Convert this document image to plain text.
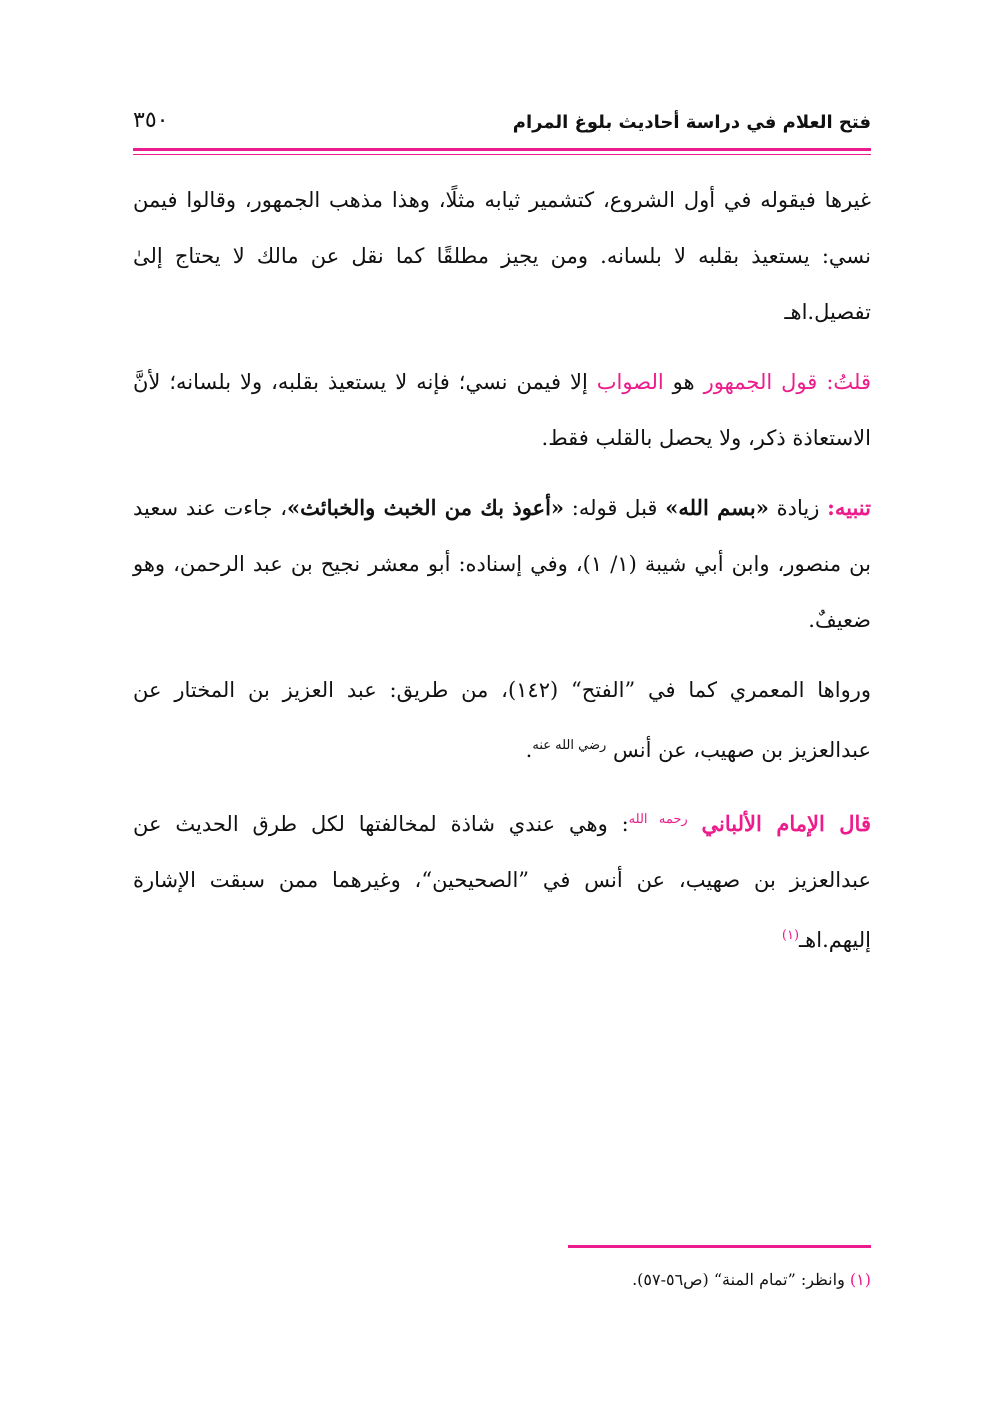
فتح العلام في دراسة أحاديث بلوغ المرام
٣٥٠

غيرها فيقوله في أول الشروع، كتشمير ثيابه مثلًا، وهذا مذهب الجمهور، وقالوا فيمن نسي: يستعيذ بقلبه لا بلسانه. ومن يجيز مطلقًا كما نقل عن مالك لا يحتاج إلىٰ تفصيل.اهـ

قلتُ: قول الجمهور هو الصواب إلا فيمن نسي؛ فإنه لا يستعيذ بقلبه، ولا بلسانه؛ لأنَّ الاستعاذة ذكر، ولا يحصل بالقلب فقط.

تنبيه: زيادة «بسم الله» قبل قوله: «أعوذ بك من الخبث والخبائث»، جاءت عند سعيد بن منصور، وابن أبي شيبة (١/ ١)، وفي إسناده: أبو معشر نجيح بن عبد الرحمن، وهو ضعيفٌ.

ورواها المعمري كما في ”الفتح“ (١٤٢)، من طريق: عبد العزيز بن المختار عن عبدالعزيز بن صهيب، عن أنس $^{رضي الله عنه}$.

قال الإمام الألباني $^{رحمه الله}$: وهي عندي شاذة لمخالفتها لكل طرق الحديث عن عبدالعزيز بن صهيب، عن أنس في ”الصحيحين“، وغيرهما ممن سبقت الإشارة إليهم.اهـ$^{(١)}$

(١) وانظر: ”تمام المنة“ (ص٥٦-٥٧).
